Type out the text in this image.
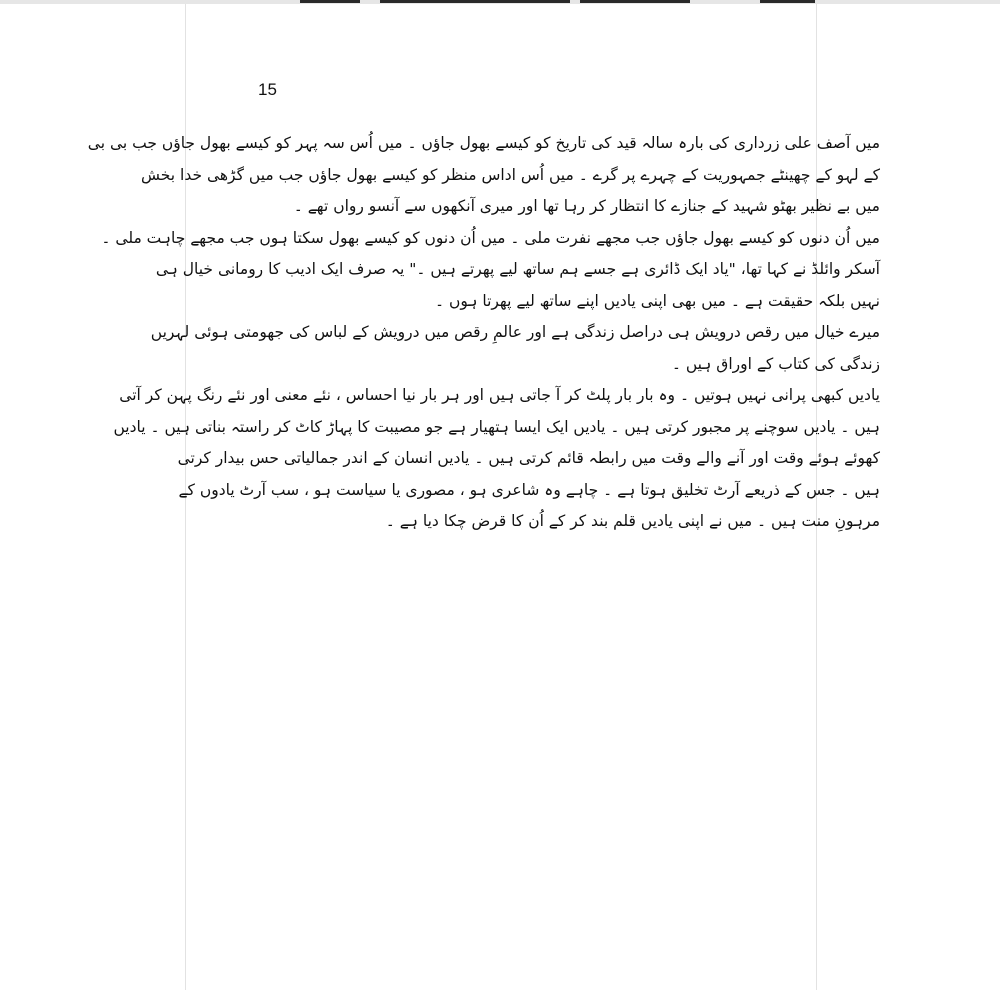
15
میں آصف علی زرداری کی بارہ سالہ قید کی تاریخ کو کیسے بھول جاؤں ۔ میں اُس سہ پہر کو کیسے بھول جاؤں جب بی بی
کے لہو کے چھینٹے جمہوریت کے چہرے پر گرے ۔ میں اُس اداس منظر کو کیسے بھول جاؤں جب میں گڑھی خدا بخش
میں بے نظیر بھٹو شہید کے جنازے کا انتظار کر رہا تھا اور میری آنکھوں سے آنسو رواں تھے ۔
میں اُن دنوں کو کیسے بھول جاؤں جب مجھے نفرت ملی ۔ میں اُن دنوں کو کیسے بھول سکتا ہوں جب مجھے چاہت ملی ۔
آسکر وائلڈ نے کہا تھا، "یاد ایک ڈائری ہے جسے ہم ساتھ لیے پھرتے ہیں ۔" یہ صرف ایک ادیب کا رومانی خیال ہی
نہیں بلکہ حقیقت ہے ۔ میں بھی اپنی یادیں اپنے ساتھ لیے پھرتا ہوں ۔
میرے خیال میں رقص درویش ہی دراصل زندگی ہے اور عالمِ رقص میں درویش کے لباس کی جھومتی ہوئی لہریں
زندگی کی کتاب کے اوراق ہیں ۔
یادیں کبھی پرانی نہیں ہوتیں ۔ وہ بار بار پلٹ کر آ جاتی ہیں اور ہر بار نیا احساس ، نئے معنی اور نئے رنگ پہن کر آتی
ہیں ۔ یادیں سوچنے پر مجبور کرتی ہیں ۔ یادیں ایک ایسا ہتھیار ہے جو مصیبت کا پہاڑ کاٹ کر راستہ بناتی ہیں ۔ یادیں
کھوئے ہوئے وقت اور آنے والے وقت میں رابطہ قائم کرتی ہیں ۔ یادیں انسان کے اندر جمالیاتی حس بیدار کرتی
ہیں ۔ جس کے ذریعے آرٹ تخلیق ہوتا ہے ۔ چاہے وہ شاعری ہو ، مصوری یا سیاست ہو ، سب آرٹ یادوں کے
مرہونِ منت ہیں ۔ میں نے اپنی یادیں قلم بند کر کے اُن کا قرض چکا دیا ہے ۔
